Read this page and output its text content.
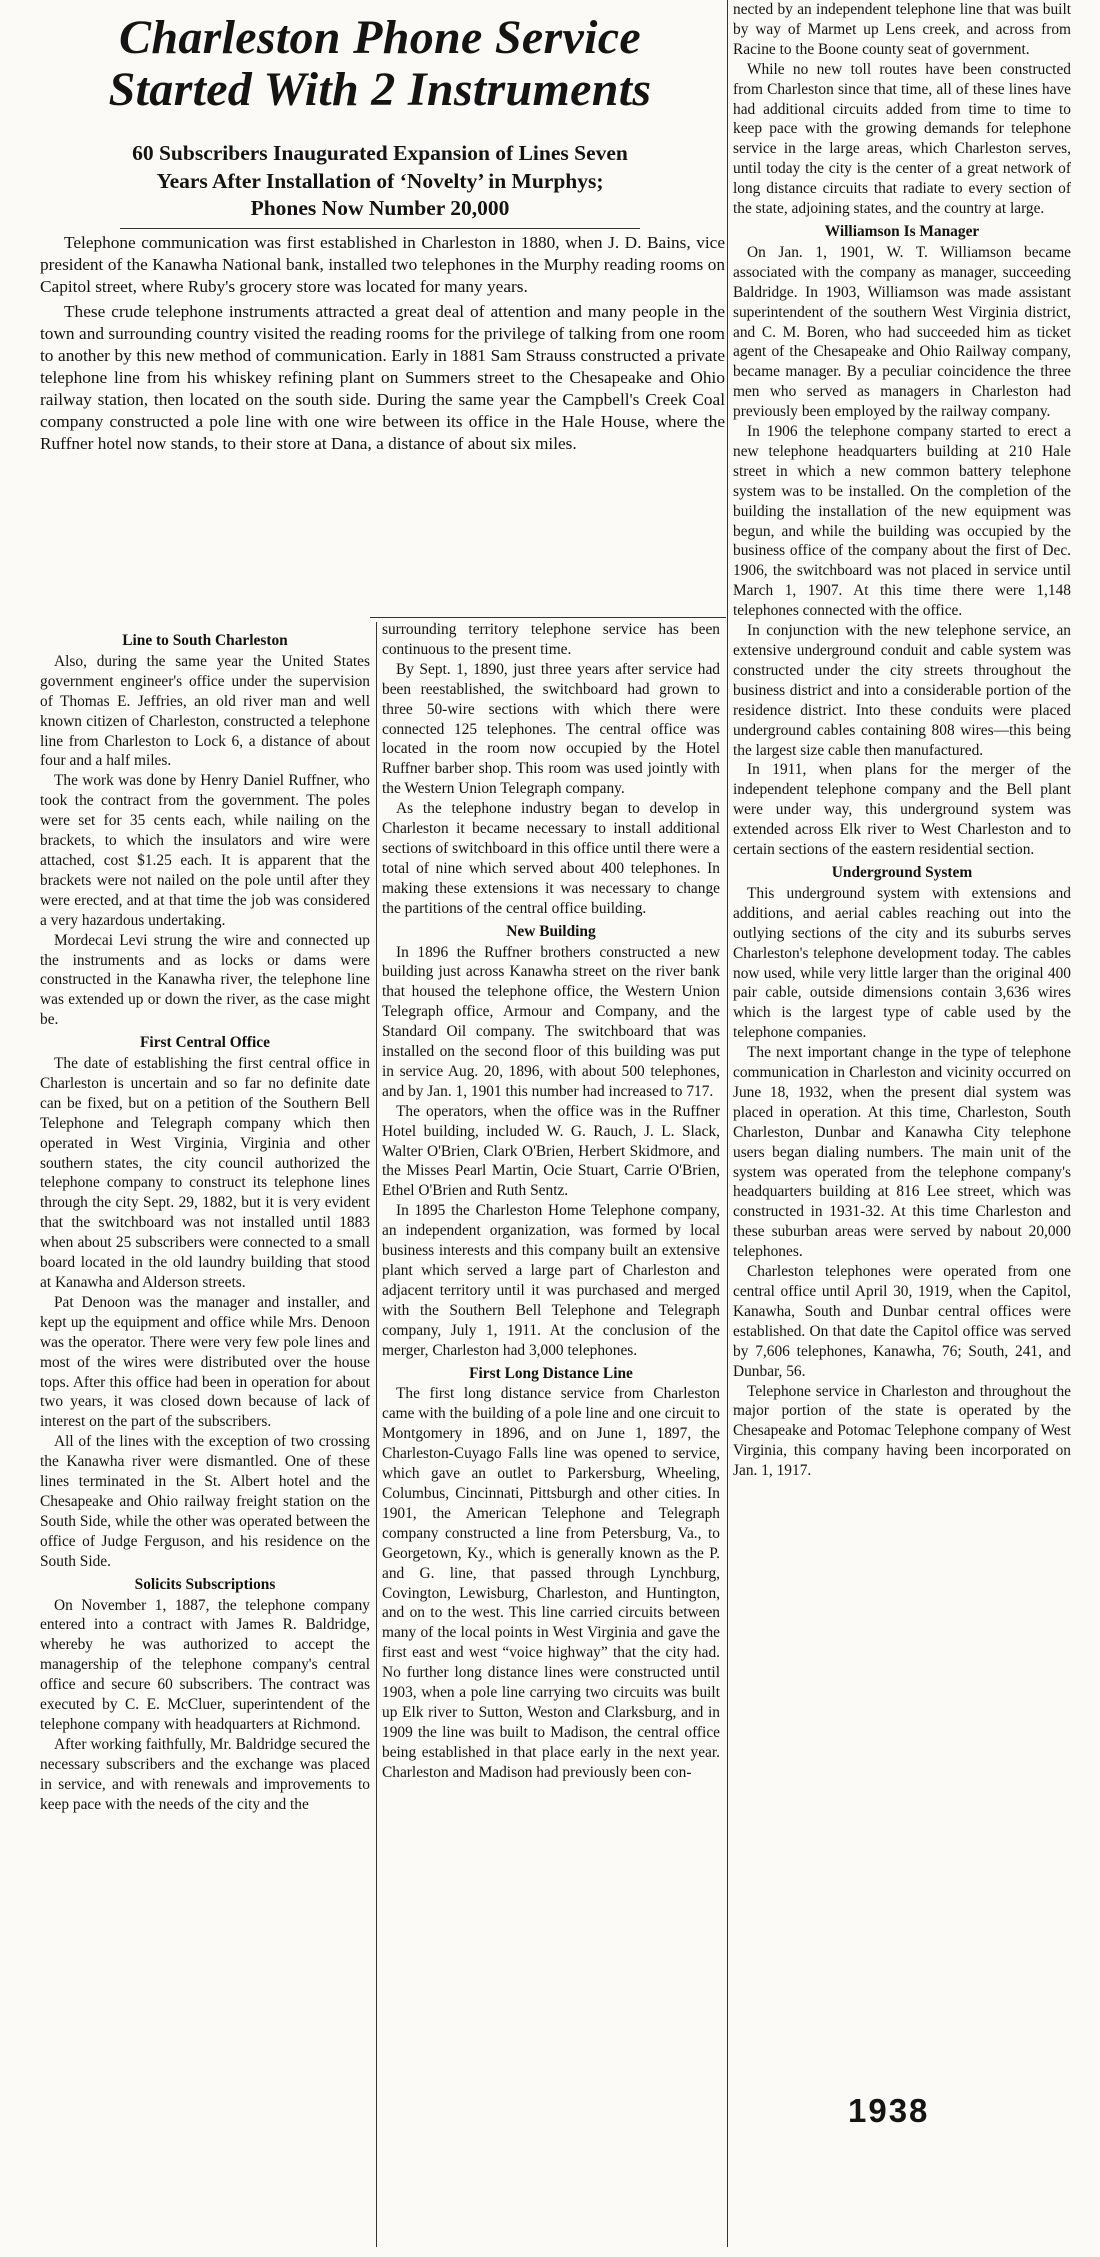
Charleston Phone Service
Started With 2 Instruments
60 Subscribers Inaugurated Expansion of Lines Seven
Years After Installation of ‘Novelty’ in Murphys;
Phones Now Number 20,000

Telephone communication was first established in Charleston in 1880, when J. D. Bains, vice president of the Kanawha National bank, installed two telephones in the Murphy reading rooms on Capitol street, where Ruby's grocery store was located for many years.

These crude telephone instruments attracted a great deal of attention and many people in the town and surrounding country visited the reading rooms for the privilege of talking from one room to another by this new method of communication. Early in 1881 Sam Strauss constructed a private telephone line from his whiskey refining plant on Summers street to the Chesapeake and Ohio railway station, then located on the south side. During the same year the Campbell's Creek Coal company constructed a pole line with one wire between its office in the Hale House, where the Ruffner hotel now stands, to their store at Dana, a distance of about six miles.

Line to South Charleston

Also, during the same year the United States government engineer's office under the supervision of Thomas E. Jeffries, an old river man and well known citizen of Charleston, constructed a telephone line from Charleston to Lock 6, a distance of about four and a half miles.

The work was done by Henry Daniel Ruffner, who took the contract from the government. The poles were set for 35 cents each, while nailing on the brackets, to which the insulators and wire were attached, cost $1.25 each. It is apparent that the brackets were not nailed on the pole until after they were erected, and at that time the job was considered a very hazardous undertaking.

Mordecai Levi strung the wire and connected up the instruments and as locks or dams were constructed in the Kanawha river, the telephone line was extended up or down the river, as the case might be.

First Central Office

The date of establishing the first central office in Charleston is uncertain and so far no definite date can be fixed, but on a petition of the Southern Bell Telephone and Telegraph company which then operated in West Virginia, Virginia and other southern states, the city council authorized the telephone company to construct its telephone lines through the city Sept. 29, 1882, but it is very evident that the switchboard was not installed until 1883 when about 25 subscribers were connected to a small board located in the old laundry building that stood at Kanawha and Alderson streets.

Pat Denoon was the manager and installer, and kept up the equipment and office while Mrs. Denoon was the operator. There were very few pole lines and most of the wires were distributed over the house tops. After this office had been in operation for about two years, it was closed down because of lack of interest on the part of the subscribers.

All of the lines with the exception of two crossing the Kanawha river were dismantled. One of these lines terminated in the St. Albert hotel and the Chesapeake and Ohio railway freight station on the South Side, while the other was operated between the office of Judge Ferguson, and his residence on the South Side.

Solicits Subscriptions

On November 1, 1887, the telephone company entered into a contract with James R. Baldridge, whereby he was authorized to accept the managership of the telephone company's central office and secure 60 subscribers. The contract was executed by C. E. McCluer, superintendent of the telephone company with headquarters at Richmond.

After working faithfully, Mr. Baldridge secured the necessary subscribers and the exchange was placed in service, and with renewals and improvements to keep pace with the needs of the city and the

surrounding territory telephone service has been continuous to the present time.

By Sept. 1, 1890, just three years after service had been reestablished, the switchboard had grown to three 50-wire sections with which there were connected 125 telephones. The central office was located in the room now occupied by the Hotel Ruffner barber shop. This room was used jointly with the Western Union Telegraph company.

As the telephone industry began to develop in Charleston it became necessary to install additional sections of switchboard in this office until there were a total of nine which served about 400 telephones. In making these extensions it was necessary to change the partitions of the central office building.

New Building

In 1896 the Ruffner brothers constructed a new building just across Kanawha street on the river bank that housed the telephone office, the Western Union Telegraph office, Armour and Company, and the Standard Oil company. The switchboard that was installed on the second floor of this building was put in service Aug. 20, 1896, with about 500 telephones, and by Jan. 1, 1901 this number had increased to 717.

The operators, when the office was in the Ruffner Hotel building, included W. G. Rauch, J. L. Slack, Walter O'Brien, Clark O'Brien, Herbert Skidmore, and the Misses Pearl Martin, Ocie Stuart, Carrie O'Brien, Ethel O'Brien and Ruth Sentz.

In 1895 the Charleston Home Telephone company, an independent organization, was formed by local business interests and this company built an extensive plant which served a large part of Charleston and adjacent territory until it was purchased and merged with the Southern Bell Telephone and Telegraph company, July 1, 1911. At the conclusion of the merger, Charleston had 3,000 telephones.

First Long Distance Line

The first long distance service from Charleston came with the building of a pole line and one circuit to Montgomery in 1896, and on June 1, 1897, the Charleston-Cuyago Falls line was opened to service, which gave an outlet to Parkersburg, Wheeling, Columbus, Cincinnati, Pittsburgh and other cities. In 1901, the American Telephone and Telegraph company constructed a line from Petersburg, Va., to Georgetown, Ky., which is generally known as the P. and G. line, that passed through Lynchburg, Covington, Lewisburg, Charleston, and Huntington, and on to the west. This line carried circuits between many of the local points in West Virginia and gave the first east and west “voice highway” that the city had. No further long distance lines were constructed until 1903, when a pole line carrying two circuits was built up Elk river to Sutton, Weston and Clarksburg, and in 1909 the line was built to Madison, the central office being established in that place early in the next year. Charleston and Madison had previously been con-

nected by an independent telephone line that was built by way of Marmet up Lens creek, and across from Racine to the Boone county seat of government.

While no new toll routes have been constructed from Charleston since that time, all of these lines have had additional circuits added from time to time to keep pace with the growing demands for telephone service in the large areas, which Charleston serves, until today the city is the center of a great network of long distance circuits that radiate to every section of the state, adjoining states, and the country at large.

Williamson Is Manager

On Jan. 1, 1901, W. T. Williamson became associated with the company as manager, succeeding Baldridge. In 1903, Williamson was made assistant superintendent of the southern West Virginia district, and C. M. Boren, who had succeeded him as ticket agent of the Chesapeake and Ohio Railway company, became manager. By a peculiar coincidence the three men who served as managers in Charleston had previously been employed by the railway company.

In 1906 the telephone company started to erect a new telephone headquarters building at 210 Hale street in which a new common battery telephone system was to be installed. On the completion of the building the installation of the new equipment was begun, and while the building was occupied by the business office of the company about the first of Dec. 1906, the switchboard was not placed in service until March 1, 1907. At this time there were 1,148 telephones connected with the office.

In conjunction with the new telephone service, an extensive underground conduit and cable system was constructed under the city streets throughout the business district and into a considerable portion of the residence district. Into these conduits were placed underground cables containing 808 wires—this being the largest size cable then manufactured.

In 1911, when plans for the merger of the independent telephone company and the Bell plant were under way, this underground system was extended across Elk river to West Charleston and to certain sections of the eastern residential section.

Underground System

This underground system with extensions and additions, and aerial cables reaching out into the outlying sections of the city and its suburbs serves Charleston's telephone development today. The cables now used, while very little larger than the original 400 pair cable, outside dimensions contain 3,636 wires which is the largest type of cable used by the telephone companies.

The next important change in the type of telephone communication in Charleston and vicinity occurred on June 18, 1932, when the present dial system was placed in operation. At this time, Charleston, South Charleston, Dunbar and Kanawha City telephone users began dialing numbers. The main unit of the system was operated from the telephone company's headquarters building at 816 Lee street, which was constructed in 1931-32. At this time Charleston and these suburban areas were served by nabout 20,000 telephones.

Charleston telephones were operated from one central office until April 30, 1919, when the Capitol, Kanawha, South and Dunbar central offices were established. On that date the Capitol office was served by 7,606 telephones, Kanawha, 76; South, 241, and Dunbar, 56.

Telephone service in Charleston and throughout the major portion of the state is operated by the Chesapeake and Potomac Telephone company of West Virginia, this company having been incorporated on Jan. 1, 1917.

1938
